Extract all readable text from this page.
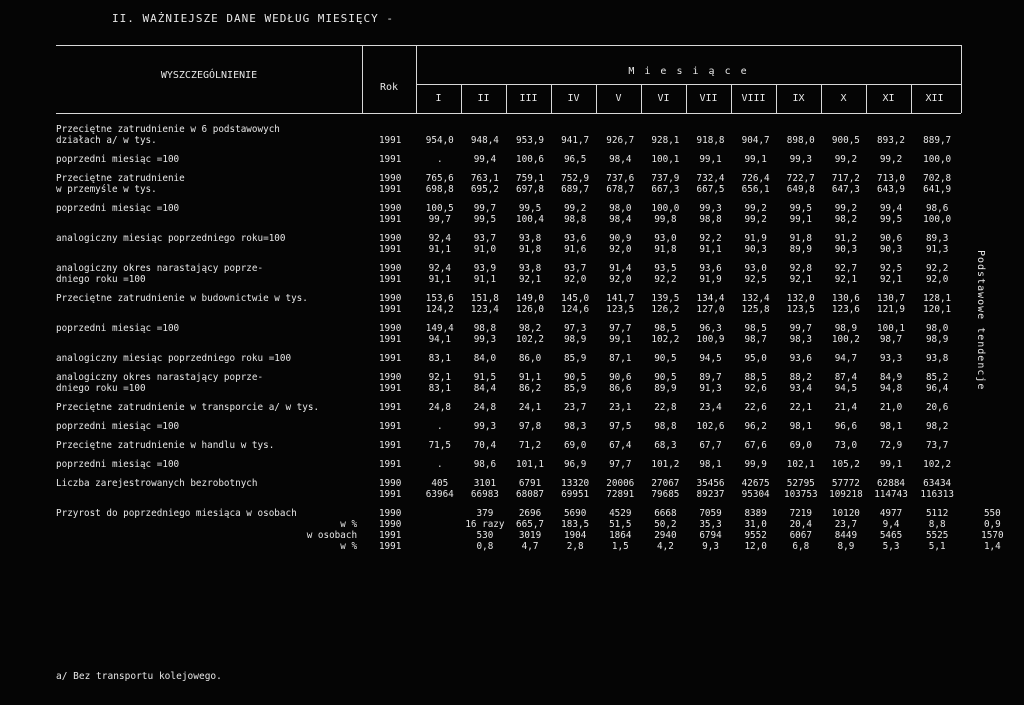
II. WAŻNIEJSZE DANE WEDŁUG MIESIĘCY -
WYSZCZEGÓLNIENIE
Rok
M i e s i ą c e
I	II	III	IV	V	VI	VII	VIII	IX	X	XI	XII
Przeciętne zatrudnienie w 6 podstawowych														
działach a/ w tys.	1991	954,0	948,4	953,9	941,7	926,7	928,1	918,8	904,7	898,0	900,5	893,2	889,7	

poprzedni miesiąc =100	1991	.	99,4	100,6	96,5	98,4	100,1	99,1	99,1	99,3	99,2	99,2	100,0	

Przeciętne zatrudnienie	1990	765,6	763,1	759,1	752,9	737,6	737,9	732,4	726,4	722,7	717,2	713,0	702,8	
w przemyśle w tys.	1991	698,8	695,2	697,8	689,7	678,7	667,3	667,5	656,1	649,8	647,3	643,9	641,9	

poprzedni miesiąc =100	1990	100,5	99,7	99,5	99,2	98,0	100,0	99,3	99,2	99,5	99,2	99,4	98,6	
	1991	99,7	99,5	100,4	98,8	98,4	99,8	98,8	99,2	99,1	98,2	99,5	100,0	

analogiczny miesiąc poprzedniego roku=100	1990	92,4	93,7	93,8	93,6	90,9	93,0	92,2	91,9	91,8	91,2	90,6	89,3	
	1991	91,1	91,0	91,8	91,6	92,0	91,8	91,1	90,3	89,9	90,3	90,3	91,3	

analogiczny okres narastający poprze-	1990	92,4	93,9	93,8	93,7	91,4	93,5	93,6	93,0	92,8	92,7	92,5	92,2	
dniego roku =100	1991	91,1	91,1	92,1	92,0	92,0	92,2	91,9	92,5	92,1	92,1	92,1	92,0	

Przeciętne zatrudnienie w budownictwie w tys.	1990	153,6	151,8	149,0	145,0	141,7	139,5	134,4	132,4	132,0	130,6	130,7	128,1	
	1991	124,2	123,4	126,0	124,6	123,5	126,2	127,0	125,8	123,5	123,6	121,9	120,1	

poprzedni miesiąc =100	1990	149,4	98,8	98,2	97,3	97,7	98,5	96,3	98,5	99,7	98,9	100,1	98,0	
	1991	94,1	99,3	102,2	98,9	99,1	102,2	100,9	98,7	98,3	100,2	98,7	98,9	

analogiczny miesiąc poprzedniego roku =100	1991	83,1	84,0	86,0	85,9	87,1	90,5	94,5	95,0	93,6	94,7	93,3	93,8	

analogiczny okres narastający poprze-	1990	92,1	91,5	91,1	90,5	90,6	90,5	89,7	88,5	88,2	87,4	84,9	85,2	
dniego roku =100	1991	83,1	84,4	86,2	85,9	86,6	89,9	91,3	92,6	93,4	94,5	94,8	96,4	

Przeciętne zatrudnienie w transporcie a/ w tys.	1991	24,8	24,8	24,1	23,7	23,1	22,8	23,4	22,6	22,1	21,4	21,0	20,6	

poprzedni miesiąc =100	1991	.	99,3	97,8	98,3	97,5	98,8	102,6	96,2	98,1	96,6	98,1	98,2	

Przeciętne zatrudnienie w handlu w tys.	1991	71,5	70,4	71,2	69,0	67,4	68,3	67,7	67,6	69,0	73,0	72,9	73,7	

poprzedni miesiąc =100	1991	.	98,6	101,1	96,9	97,7	101,2	98,1	99,9	102,1	105,2	99,1	102,2	

Liczba zarejestrowanych bezrobotnych	1990	405	3101	6791	13320	20006	27067	35456	42675	52795	57772	62884	63434	
	1991	63964	66983	68087	69951	72891	79685	89237	95304	103753	109218	114743	116313	

Przyrost do poprzedniego miesiąca w osobach	1990		379	2696	5690	4529	6668	7059	8389	7219	10120	4977	5112	550
w %	1990		16 razy	665,7	183,5	51,5	50,2	35,3	31,0	20,4	23,7	9,4	8,8	0,9
w osobach	1991		530	3019	1904	1864	2940	6794	9552	6067	8449	5465	5525	1570
w %	1991		0,8	4,7	2,8	1,5	4,2	9,3	12,0	6,8	8,9	5,3	5,1	1,4
Podstawowe tendencje
a/ Bez transportu kolejowego.
